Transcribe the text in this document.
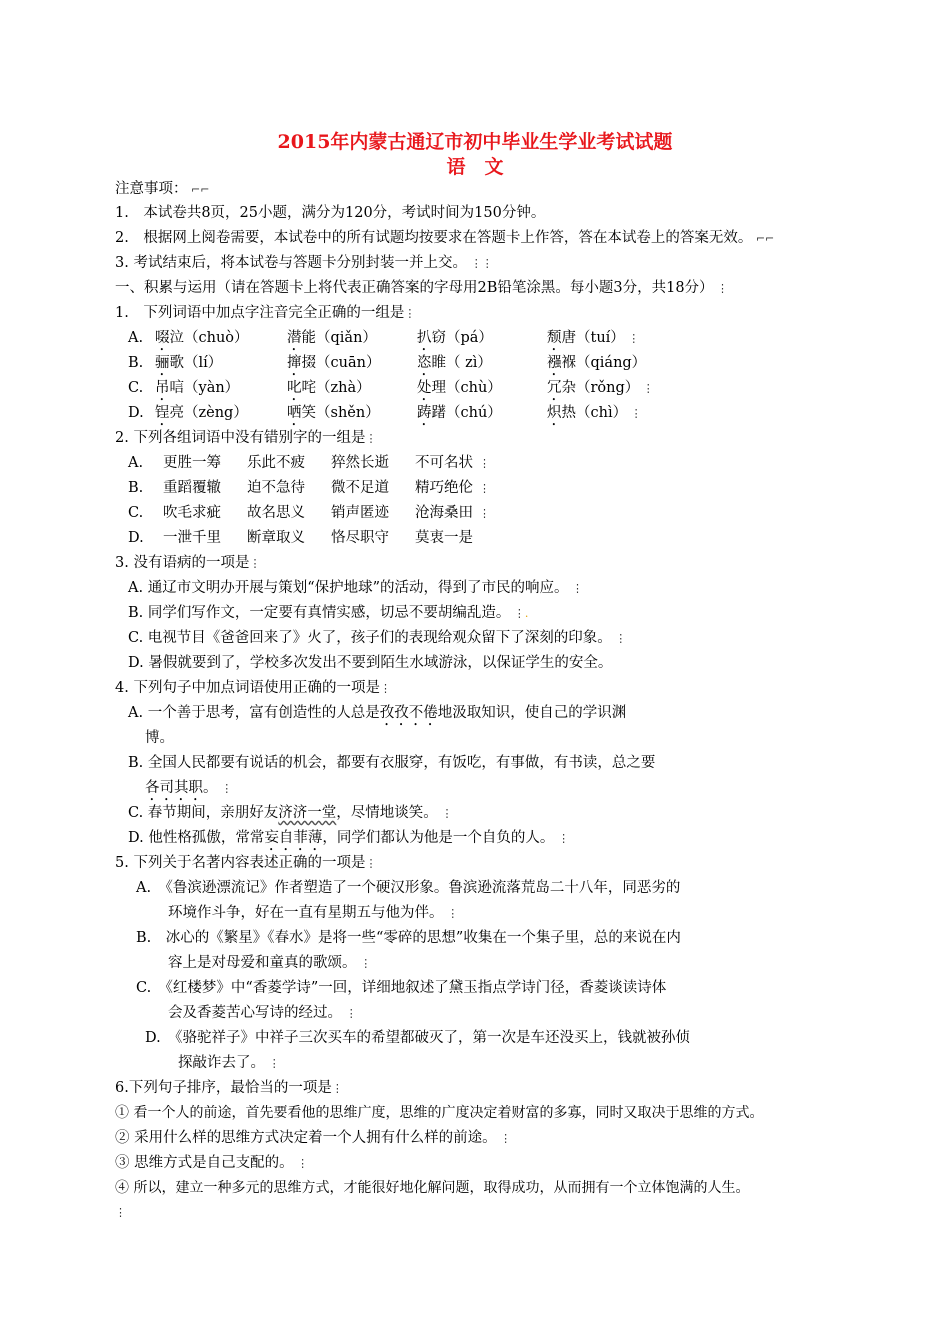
2015年内蒙古通辽市初中毕业生学业考试试题
语　文
注意事项： ⌐⌐
1.　本试卷共8页，25小题，满分为120分，考试时间为150分钟。
2.　根据网上阅卷需要，本试卷中的所有试题均按要求在答题卡上作答，答在本试卷上的答案无效。 ⌐⌐
3. 考试结束后，将本试卷与答题卡分别封装一并上交。　⋮⋮
一、积累与运用（请在答题卡上将代表正确答案的字母用2B铅笔涂黑。每小题3分，共18分） ⋮
1.　下列词语中加点字注音完全正确的一组是⋮
A. 啜泣（chuò）	潜能（qiǎn）	扒窃（pá）	颓唐（tuí） ⋮
B. 骊歌（lí）	撺掇（cuān）	恣睢（ zì）	襁褓（qiáng）
C. 吊唁（yàn）	叱咤（zhà）	处理（chù）	冗杂（rǒng） ⋮
D. 锃亮（zèng）	哂笑（shěn）	踌躇（chú）	炽热（chì） ⋮
2. 下列各组词语中没有错别字的一组是⋮
A. 更胜一筹 乐此不疲 猝然长逝 不可名状 ⋮
B. 重蹈覆辙 迫不急待 微不足道 精巧绝伦 ⋮
C. 吹毛求疵 故名思义 销声匿迹 沧海桑田 ⋮
D. 一泄千里 断章取义 恪尽职守 莫衷一是
3. 没有语病的一项是⋮
A. 通辽市文明办开展与策划“保护地球”的活动，得到了市民的响应。 ⋮
B. 同学们写作文，一定要有真情实感，切忌不要胡编乱造。 ⋮.
C. 电视节目《爸爸回来了》火了，孩子们的表现给观众留下了深刻的印象。 ⋮
D. 暑假就要到了，学校多次发出不要到陌生水域游泳，以保证学生的安全。
4. 下列句子中加点词语使用正确的一项是⋮
A. 一个善于思考，富有创造性的人总是孜孜不倦地汲取知识，使自己的学识渊
博。
B. 全国人民都要有说话的机会，都要有衣服穿，有饭吃，有事做，有书读，总之要
各司其职。　⋮
C. 春节期间，亲朋好友济济一堂，尽情地谈笑。　⋮
D. 他性格孤傲，常常妄自菲薄，同学们都认为他是一个自负的人。　⋮
5. 下列关于名著内容表述正确的一项是⋮
A.　《鲁滨逊漂流记》作者塑造了一个硬汉形象。鲁滨逊流落荒岛二十八年，同恶劣的
环境作斗争，好在一直有星期五与他为伴。　⋮
B.　冰心的《繁星》《春水》是将一些“零碎的思想”收集在一个集子里，总的来说在内
容上是对母爱和童真的歌颂。　⋮
C.　《红楼梦》中“香菱学诗”一回，详细地叙述了黛玉指点学诗门径，香菱谈读诗体
会及香菱苦心写诗的经过。　⋮
D.　《骆驼祥子》中祥子三次买车的希望都破灭了，第一次是车还没买上，钱就被孙侦
探敲诈去了。　⋮
6.下列句子排序，最恰当的一项是⋮
① 看一个人的前途，首先要看他的思维广度，思维的广度决定着财富的多寡，同时又取决于思维的方式。
② 采用什么样的思维方式决定着一个人拥有什么样的前途。 ⋮
③ 思维方式是自己支配的。 ⋮
④ 所以，建立一种多元的思维方式，才能很好地化解问题，取得成功，从而拥有一个立体饱满的人生。
⋮
